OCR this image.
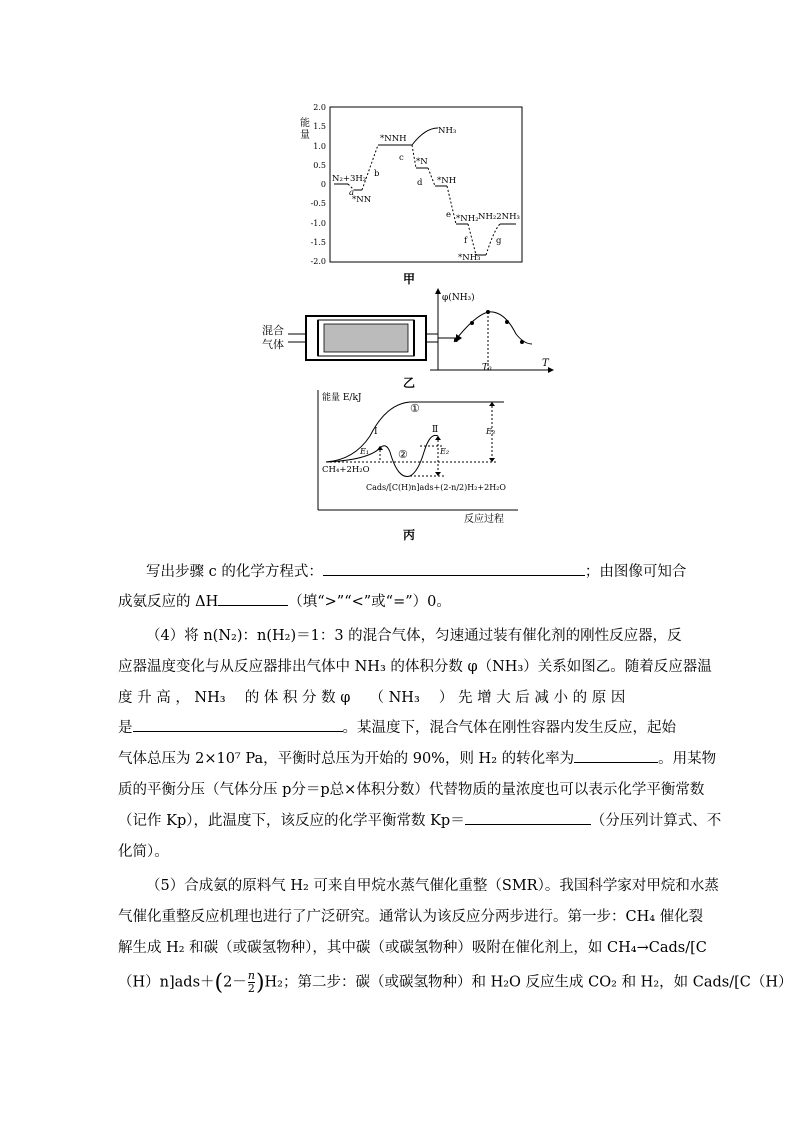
能
量
2.0
1.5
1.0
0.5
0
-0.5
-1.0
-1.5
-2.0
N₂+3H₂
*NN
*NNH
NH₃
*N
*NH
*NH₂ NH₂2NH₃
*NH₃
a
b
c
d
e
f	g
甲
混合
气体
φ(NH₃)
T₀	T
乙
能量 E/kJ
反应过程
①
②
Ⅰ	Ⅱ
E₁	E₂
E₃
CH₄+2H₂O
Cads/[C(H)n]ads+(2-n/2)H₂+2H₂O
丙
写出步骤 c 的化学方程式：	；由图像可知合
成氨反应的 ΔH	（填“>”“<”或“=”）0。
（4）将 n(N₂)：n(H₂)＝1：3 的混合气体，匀速通过装有催化剂的刚性反应器，反
应器温度变化与从反应器排出气体中 NH₃ 的体积分数 φ（NH₃）关系如图乙。随着反应器温
度 升 高 ， NH₃　 的 体 积 分 数 φ　 （ NH₃　 ） 先 增 大 后 减 小 的 原 因
是	。某温度下，混合气体在刚性容器内发生反应，起始
气体总压为 2×10⁷ Pa，平衡时总压为开始的 90%，则 H₂ 的转化率为	。用某物
质的平衡分压（气体分压 p分＝p总×体积分数）代替物质的量浓度也可以表示化学平衡常数
（记作 Kp），此温度下，该反应的化学平衡常数 Kp＝	（分压列计算式、不
化简）。
（5）合成氨的原料气 H₂ 可来自甲烷水蒸气催化重整（SMR）。我国科学家对甲烷和水蒸
气催化重整反应机理也进行了广泛研究。通常认为该反应分两步进行。第一步：CH₄ 催化裂
解生成 H₂ 和碳（或碳氢物种），其中碳（或碳氢物种）吸附在催化剂上，如 CH₄→Cads/[C
$(H)n]ads+(2- \frac{n}{2} )H_2$；第二步：碳（或碳氢物种）和 H₂O 反应生成 CO₂ 和 H₂，如 Cads/[C（H）
